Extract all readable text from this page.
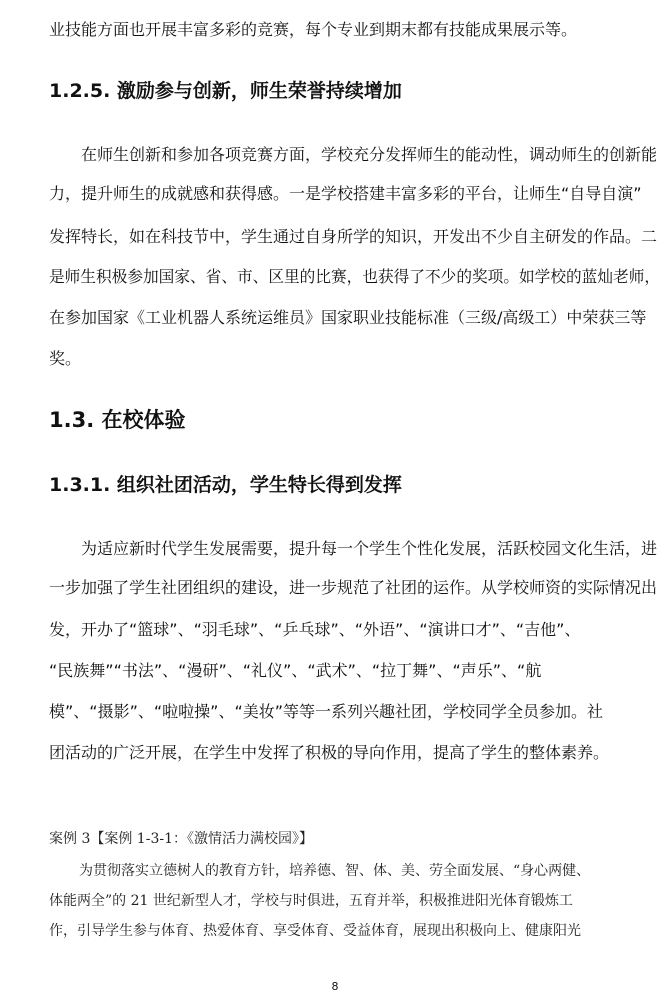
业技能方面也开展丰富多彩的竞赛，每个专业到期末都有技能成果展示等。
1.2.5. 激励参与创新，师生荣誉持续增加
在师生创新和参加各项竞赛方面，学校充分发挥师生的能动性，调动师生的创新能
力，提升师生的成就感和获得感。一是学校搭建丰富多彩的平台，让师生“自导自演”
发挥特长，如在科技节中，学生通过自身所学的知识，开发出不少自主研发的作品。二
是师生积极参加国家、省、市、区里的比赛，也获得了不少的奖项。如学校的蓝灿老师，
在参加国家《工业机器人系统运维员》国家职业技能标准（三级/高级工）中荣获三等
奖。
1.3. 在校体验
1.3.1. 组织社团活动，学生特长得到发挥
为适应新时代学生发展需要，提升每一个学生个性化发展，活跃校园文化生活，进
一步加强了学生社团组织的建设，进一步规范了社团的运作。从学校师资的实际情况出
发，开办了“篮球”、“羽毛球”、“乒乓球”、“外语”、“演讲口才”、“吉他”、
“民族舞”“书法”、“漫研”、“礼仪”、“武术”、“拉丁舞”、“声乐”、“航
模”、“摄影”、“啦啦操”、“美妆”等等一系列兴趣社团，学校同学全员参加。社
团活动的广泛开展，在学生中发挥了积极的导向作用，提高了学生的整体素养。
案例 3【案例 1-3-1：《激情活力满校园》】
为贯彻落实立德树人的教育方针，培养德、智、体、美、劳全面发展、“身心两健、
体能两全”的 21 世纪新型人才，学校与时俱进，五育并举，积极推进阳光体育锻炼工
作，引导学生参与体育、热爱体育、享受体育、受益体育，展现出积极向上、健康阳光
8
